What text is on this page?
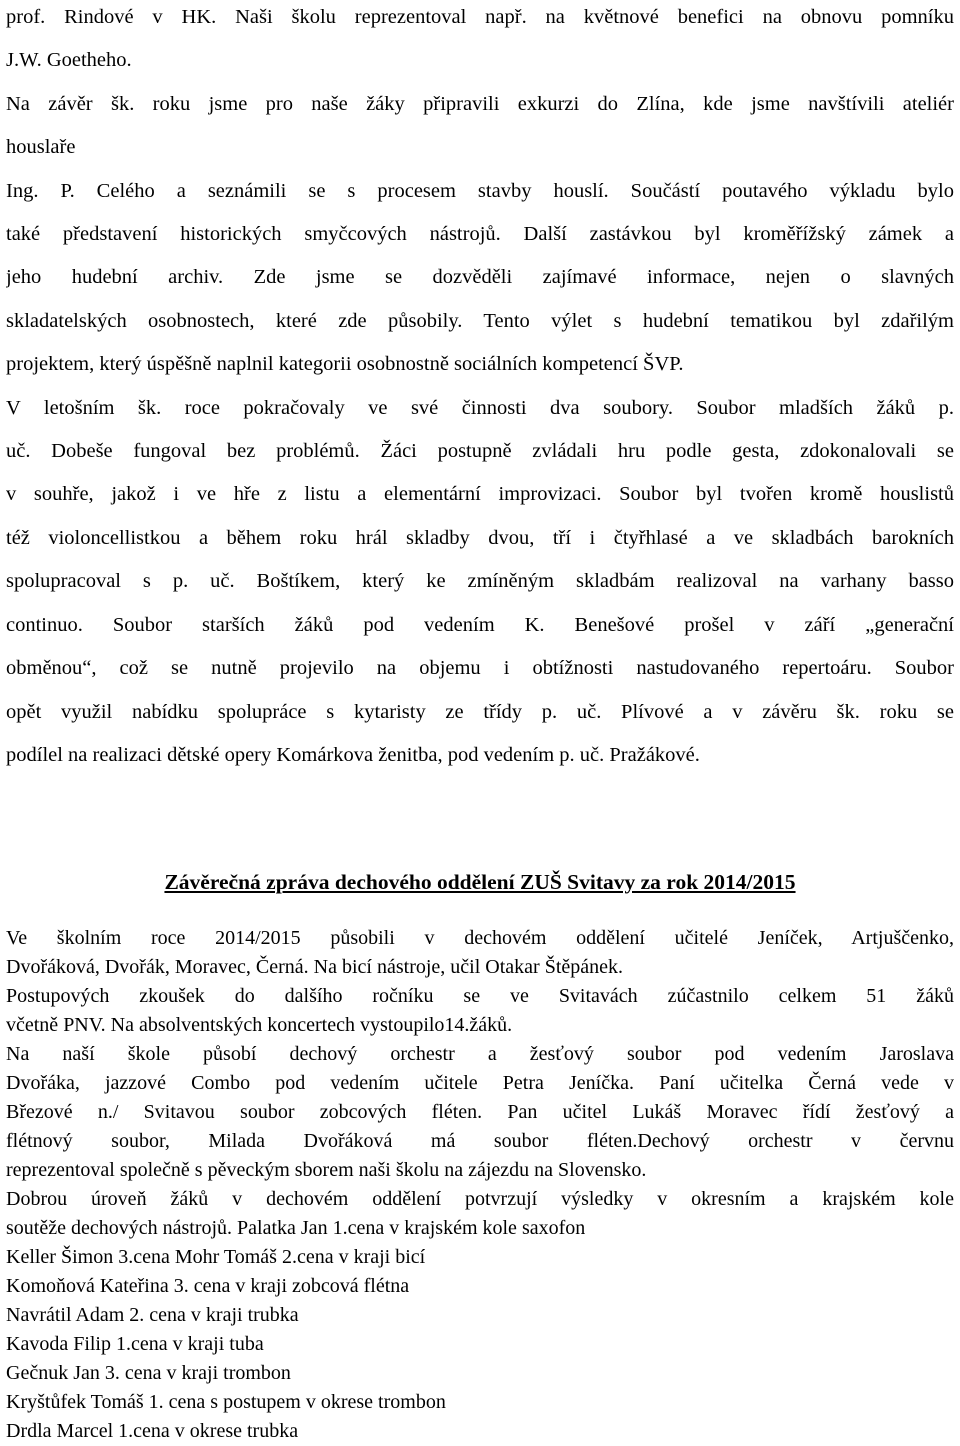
prof. Rindové v HK. Naši školu reprezentoval např. na květnové benefici na obnovu pomníku
J.W. Goetheho.
Na závěr šk. roku jsme pro naše žáky připravili exkurzi do Zlína, kde jsme navštívili ateliér
houslaře
Ing. P. Celého a seznámili se s procesem stavby houslí. Součástí poutavého výkladu bylo
také představení historických smyčcových nástrojů. Další zastávkou byl kroměřížský zámek a
jeho hudební archiv. Zde jsme se dozvěděli zajímavé informace, nejen o slavných
skladatelských osobnostech, které zde působily. Tento výlet s hudební tematikou byl zdařilým
projektem, který úspěšně naplnil kategorii osobnostně sociálních kompetencí ŠVP.
V letošním šk. roce pokračovaly ve své činnosti dva soubory. Soubor mladších žáků p.
uč. Dobeše fungoval bez problémů. Žáci postupně zvládali hru podle gesta, zdokonalovali se
v souhře, jakož i ve hře z listu a elementární improvizaci. Soubor byl tvořen kromě houslistů
též violoncellistkou a během roku hrál skladby dvou, tří i čtyřhlasé a ve skladbách barokních
spolupracoval s p. uč. Boštíkem, který ke zmíněným skladbám realizoval na varhany basso
continuo. Soubor starších žáků pod vedením K. Benešové prošel v září „generační
obměnou“, což se nutně projevilo na objemu i obtížnosti nastudovaného repertoáru. Soubor
opět využil nabídku spolupráce s kytaristy ze třídy p. uč. Plívové a v závěru šk. roku se
podílel na realizaci dětské opery Komárkova ženitba, pod vedením p. uč. Pražákové.
Závěrečná zpráva dechového oddělení ZUŠ Svitavy za rok 2014/2015
Ve školním roce 2014/2015 působili v dechovém oddělení učitelé Jeníček, Artjuščenko,
Dvořáková, Dvořák, Moravec, Černá. Na bicí nástroje, učil Otakar Štěpánek.
Postupových zkoušek do dalšího ročníku se ve Svitavách zúčastnilo celkem 51 žáků
včetně PNV. Na absolventských koncertech vystoupilo14.žáků.
Na naší škole působí dechový orchestr a žesťový soubor pod vedením Jaroslava
Dvořáka, jazzové Combo pod vedením učitele Petra Jeníčka. Paní učitelka Černá vede v
Březové n./ Svitavou soubor zobcových fléten. Pan učitel Lukáš Moravec řídí žesťový a
flétnový soubor, Milada Dvořáková má soubor fléten.Dechový orchestr v červnu
reprezentoval společně s pěveckým sborem naši školu na zájezdu na Slovensko.
Dobrou úroveň žáků v dechovém oddělení potvrzují výsledky v okresním a krajském kole
soutěže dechových nástrojů. Palatka Jan 1.cena v krajském kole saxofon
Keller Šimon 3.cena Mohr Tomáš 2.cena v kraji bicí
Komoňová Kateřina 3. cena v kraji zobcová flétna
Navrátil Adam 2. cena v kraji trubka
Kavoda Filip 1.cena v kraji tuba
Gečnuk Jan 3. cena v kraji trombon
Kryštůfek Tomáš 1. cena s postupem v okrese trombon
Drdla Marcel 1.cena v okrese trubka
